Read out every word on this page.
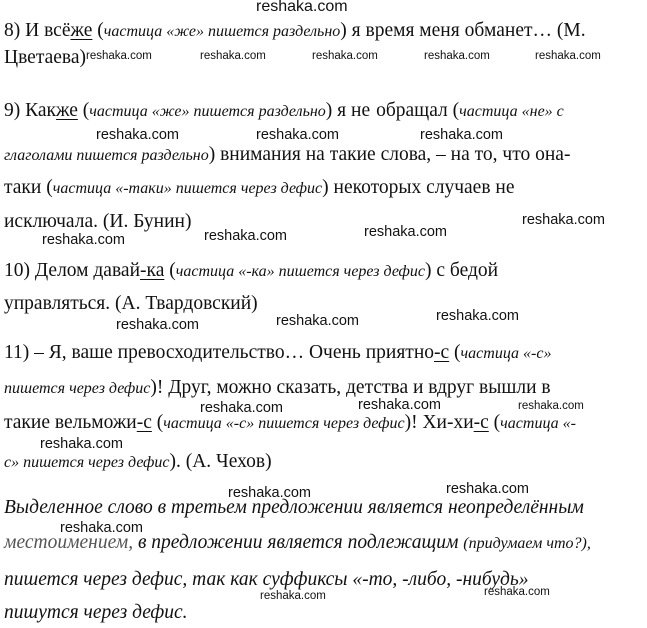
reshaka.com
reshaka.com	reshaka.com	reshaka.com	reshaka.com	reshaka.com
reshaka.com	reshaka.com	reshaka.com
reshaka.com
reshaka.com
reshaka.com
reshaka.com
reshaka.com
reshaka.com
reshaka.com
reshaka.com
reshaka.com	reshaka.com
reshaka.com
reshaka.com
reshaka.com
reshaka.com
reshaka.com
reshaka.com
8) И всёже (частица «же» пишется раздельно) я время меня обманет… (М.
Цветаева)
9) Какже (частица «же» пишется раздельно) я не обращал (частица «не» с
глаголами пишется раздельно) внимания на такие слова, – на то, что она-
таки (частица «-таки» пишется через дефис) некоторых случаев не
исключала. (И. Бунин)
10) Делом давай-ка (частица «-ка» пишется через дефис) с бедой
управляться. (А. Твардовский)
11) – Я, ваше превосходительство… Очень приятно-с (частица «-с»
пишется через дефис)! Друг, можно сказать, детства и вдруг вышли в
такие вельможи-с (частица «-с» пишется через дефис)! Хи-хи-с (частица «-
с» пишется через дефис). (А. Чехов)
Выделенное слово в третьем предложении является неопределённым
местоимением, в предложении является подлежащим (придумаем что?),
пишется через дефис, так как суффиксы «-то, -либо, -нибудь»
пишутся через дефис.
